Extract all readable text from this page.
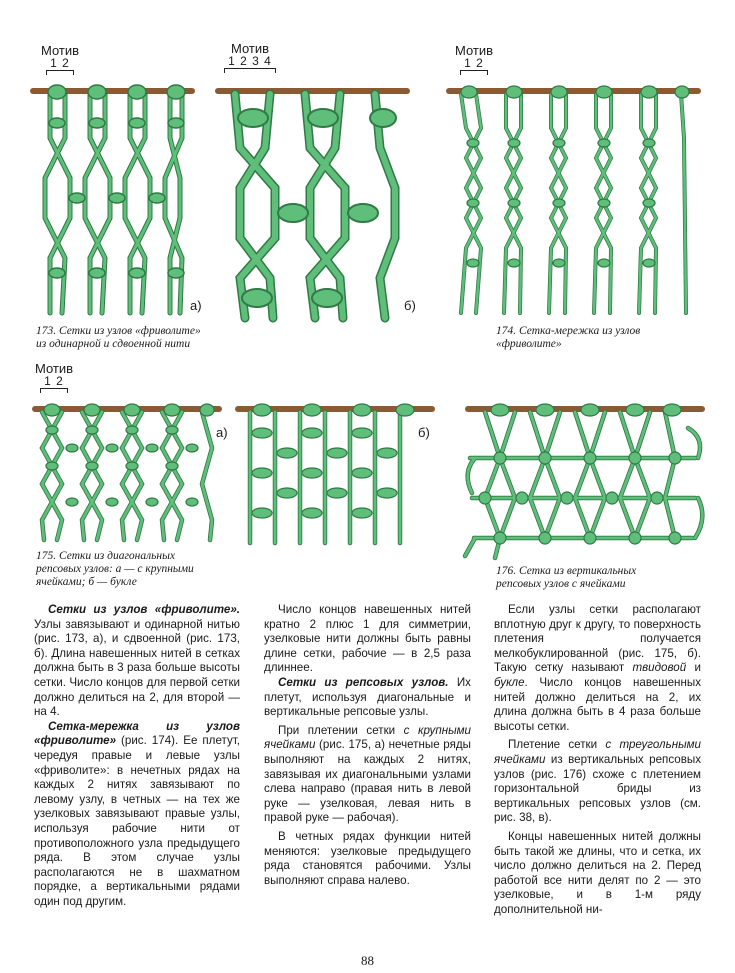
Мотив
1 2
а)
Мотив
1 2 3 4
б)
173. Сетки из узлов «фриволите»
из одинарной и сдвоенной нити
Мотив
1 2
174. Сетка-мережка из узлов
«фриволите»
Мотив
1 2
а)	б)
175. Сетки из диагональных
репсовых узлов: а — с крупными
ячейками; б — букле
176. Сетка из вертикальных
репсовых узлов с ячейками

Сетки из узлов «фриволите». Узлы завязывают и одинарной нитью (рис. 173, а), и сдвоенной (рис. 173, б). Длина навешенных нитей в сетках должна быть в 3 раза больше высоты сетки. Число концов для первой сетки должно делиться на 2, для второй — на 4.

Сетка-мережка из узлов «фриволите» (рис. 174). Ее плетут, чередуя правые и левые узлы «фриволите»: в нечетных рядах на каждых 2 нитях завязывают по левому узлу, в четных — на тех же узелковых завязывают правые узлы, используя рабочие нити от противоположного узла предыдущего ряда. В этом случае узлы располагаются не в шахматном порядке, а вертикальными рядами один под другим.

Число концов навешенных нитей кратно 2 плюс 1 для симметрии, узелковые нити должны быть равны длине сетки, рабочие — в 2,5 раза длиннее.

Сетки из репсовых узлов. Их плетут, используя диагональные и вертикальные репсовые узлы.

При плетении сетки с крупными ячейками (рис. 175, а) нечетные ряды выполняют на каждых 2 нитях, завязывая их диагональными узлами слева направо (правая нить в левой руке — узелковая, левая нить в правой руке — рабочая).

В четных рядах функции нитей меняются: узелковые предыдущего ряда становятся рабочими. Узлы выполняют справа налево.

Если узлы сетки располагают вплотную друг к другу, то поверхность плетения получается мелкобуклированной (рис. 175, б). Такую сетку называют твидовой и букле. Число концов навешенных нитей должно делиться на 2, их длина должна быть в 4 раза больше высоты сетки.

Плетение сетки с треугольными ячейками из вертикальных репсовых узлов (рис. 176) схоже с плетением горизонтальной бриды из вертикальных репсовых узлов (см. рис. 38, в).

Концы навешенных нитей должны быть такой же длины, что и сетка, их число должно делиться на 2. Перед работой все нити делят по 2 — это узелковые, и в 1-м ряду дополнительной ни-

88
